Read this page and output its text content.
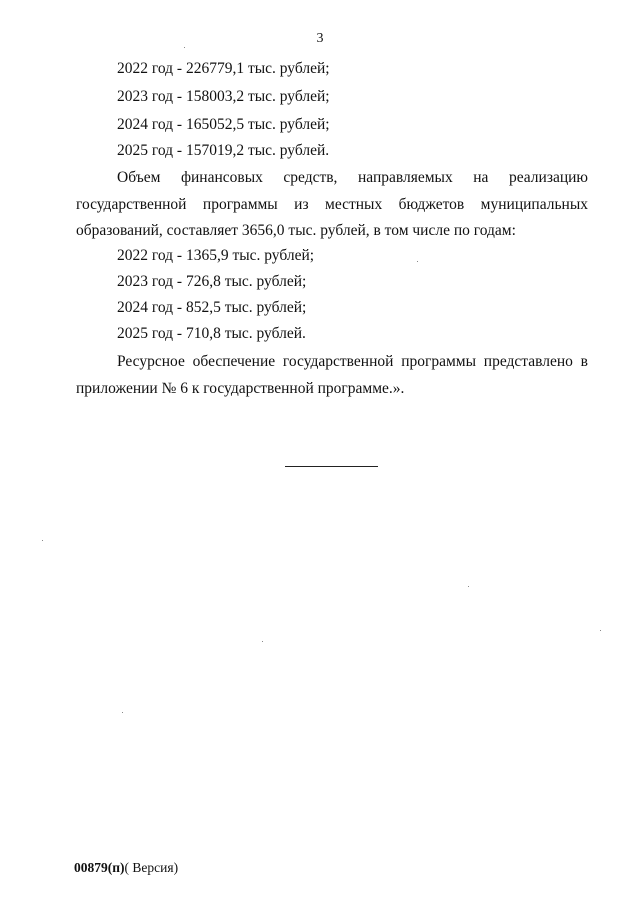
3
2022 год - 226779,1 тыс. рублей;
2023 год - 158003,2 тыс. рублей;
2024 год - 165052,5 тыс. рублей;
2025 год - 157019,2 тыс. рублей.
Объем финансовых средств, направляемых на реализацию
государственной программы из местных бюджетов муниципальных
образований, составляет 3656,0 тыс. рублей, в том числе по годам:
2022 год - 1365,9 тыс. рублей;
2023 год - 726,8 тыс. рублей;
2024 год - 852,5 тыс. рублей;
2025 год - 710,8 тыс. рублей.
Ресурсное обеспечение государственной программы представлено в
приложении № 6 к государственной программе.».
00879(п)( Версия)
